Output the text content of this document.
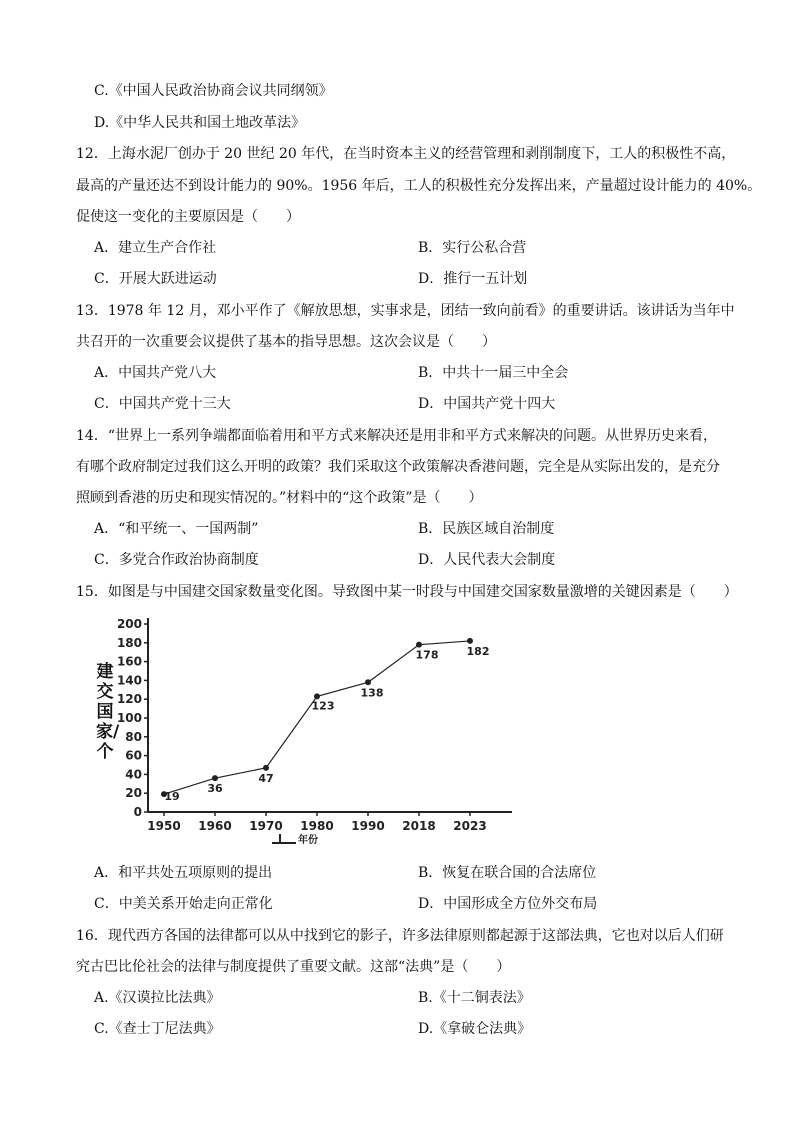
C.《中国人民政治协商会议共同纲领》
D.《中华人民共和国土地改革法》
12．上海水泥厂创办于 20 世纪 20 年代，在当时资本主义的经营管理和剥削制度下，工人的积极性不高，
最高的产量还达不到设计能力的 90%。1956 年后，工人的积极性充分发挥出来，产量超过设计能力的 40%。
促使这一变化的主要原因是（　　）
A．建立生产合作社	B．实行公私合营
C．开展大跃进运动	D．推行一五计划
13．1978 年 12 月，邓小平作了《解放思想，实事求是，团结一致向前看》的重要讲话。该讲话为当年中
共召开的一次重要会议提供了基本的指导思想。这次会议是（　　）
A．中国共产党八大	B．中共十一届三中全会
C．中国共产党十三大	D．中国共产党十四大
14．“世界上一系列争端都面临着用和平方式来解决还是用非和平方式来解决的问题。从世界历史来看，
有哪个政府制定过我们这么开明的政策？我们采取这个政策解决香港问题，完全是从实际出发的，是充分
照顾到香港的历史和现实情况的。”材料中的“这个政策”是（　　）
A．“和平统一、一国两制”	B．民族区域自治制度
C．多党合作政治协商制度	D．人民代表大会制度
15．如图是与中国建交国家数量变化图。导致图中某一时段与中国建交国家数量激增的关键因素是（　　）
建交国家/个
0
20
40
60
80
100
120
140
160
180
200
1950 1960 1970 1980 1990 2018 2023
年份
19
36
47
123
138
178	182
A．和平共处五项原则的提出	B．恢复在联合国的合法席位
C．中美关系开始走向正常化	D．中国形成全方位外交布局
16．现代西方各国的法律都可以从中找到它的影子，许多法律原则都起源于这部法典，它也对以后人们研
究古巴比伦社会的法律与制度提供了重要文献。这部“法典”是（　　）
A.《汉谟拉比法典》	B.《十二铜表法》
C.《查士丁尼法典》	D.《拿破仑法典》
